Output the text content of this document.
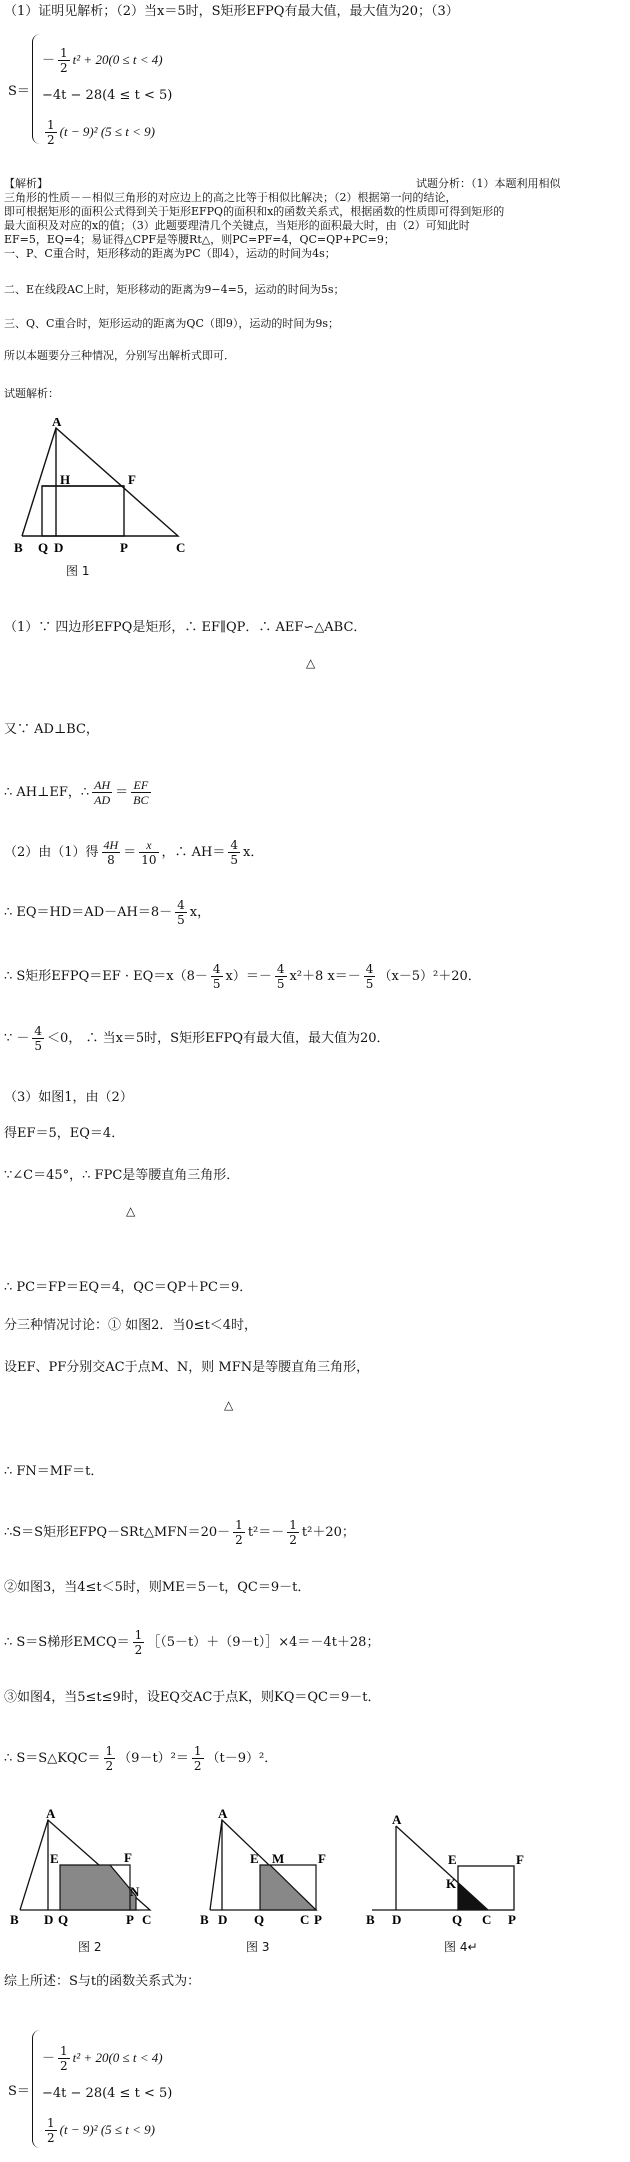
（1）证明见解析；（2）当x＝5时，S矩形EFPQ有最大值，最大值为20；（3）
S＝
－ $\frac{1}{2} t^2 + 20(0 \le t < 4)$
−4t − 28(4 ≤ t < 5)
$\frac{1}{2} (t - 9)^2$ (5 ≤ t < 9)
【解析】	试题分析：（1）本题利用相似
三角形的性质－－相似三角形的对应边上的高之比等于相似比解决；（2）根据第一问的结论，
即可根据矩形的面积公式得到关于矩形EFPQ的面积和x的函数关系式，根据函数的性质即可得到矩形的
最大面积及对应的x的值；（3）此题要理清几个关键点，当矩形的面积最大时，由（2）可知此时
EF=5，EQ=4；易证得△CPF是等腰Rt△，则PC=PF=4，QC=QP+PC=9；
一、P、C重合时，矩形移动的距离为PC（即4），运动的时间为4s；
二、E在线段AC上时，矩形移动的距离为9−4=5，运动的时间为5s；
三、Q、C重合时，矩形运动的距离为QC（即9），运动的时间为9s；
所以本题要分三种情况，分别写出解析式即可．
试题解析：
A
H	F
B Q D	P	C
图 1
（1）∵ 四边形EFPQ是矩形，∴ EF∥QP．∴ AEF∽△ABC．
△
又∵ AD⊥BC，
∴ AH⊥EF，∴ $\frac{AH}{AD} = \frac{EF}{BC}$
（2）由（1）得 $\frac{4H}{8} = \frac{x}{10}$ ，∴ $AH= \frac{4}{5}$ x．
∴ $EQ=HD=AD-AH=8- \frac{4}{5}$ x，
∴ S矩形EFPQ＝EF · $EQ=x(8- \frac{4}{5} x)=- \frac{4}{5} x^2+8$ $x=- \frac{4}{5} (x-5)^2+20$．
∵ － $\frac{4}{5} <0$， ∴ 当x＝5时，S矩形EFPQ有最大值，最大值为20．
（3）如图1，由（2）
得EF＝5，EQ＝4．
∵∠C＝45°，∴ FPC是等腰直角三角形．
△
∴ PC＝FP＝EQ＝4，QC＝QP＋PC＝9．
分三种情况讨论：① 如图2．当0≤t＜4时，
设EF、PF分别交AC于点M、N，则 MFN是等腰直角三角形，
△
∴ FN＝MF＝t．
∴S＝S矩形EFPQ－SRt△MFN＝20－ $\frac{1}{2} t^2=- \frac{1}{2} t^2+20$；
②如图3，当4≤t＜5时，则ME＝5－t，QC＝9－t．
∴ S＝S梯形EMCQ＝ $\frac{1}{2}$ ［（5－t）＋（9－t）］×4＝－4t＋28；
③如图4，当5≤t≤9时，设EQ交AC于点K，则KQ＝QC＝9－t．
∴ S＝S△KQC＝ $\frac{1}{2} (9-t)^2= \frac{1}{2} (t-9)^2$．
A
E	F
N
B D Q	P C
A
E M	F
B D Q	C P
A
E
K
F
B D	Q C P
图 2	图 3	图 4↵
综上所述：S与t的函数关系式为：
S＝
－ $\frac{1}{2} t^2 + 20(0 \le t < 4)$
−4t − 28(4 ≤ t < 5)
$\frac{1}{2} (t - 9)^2$ (5 ≤ t < 9)
